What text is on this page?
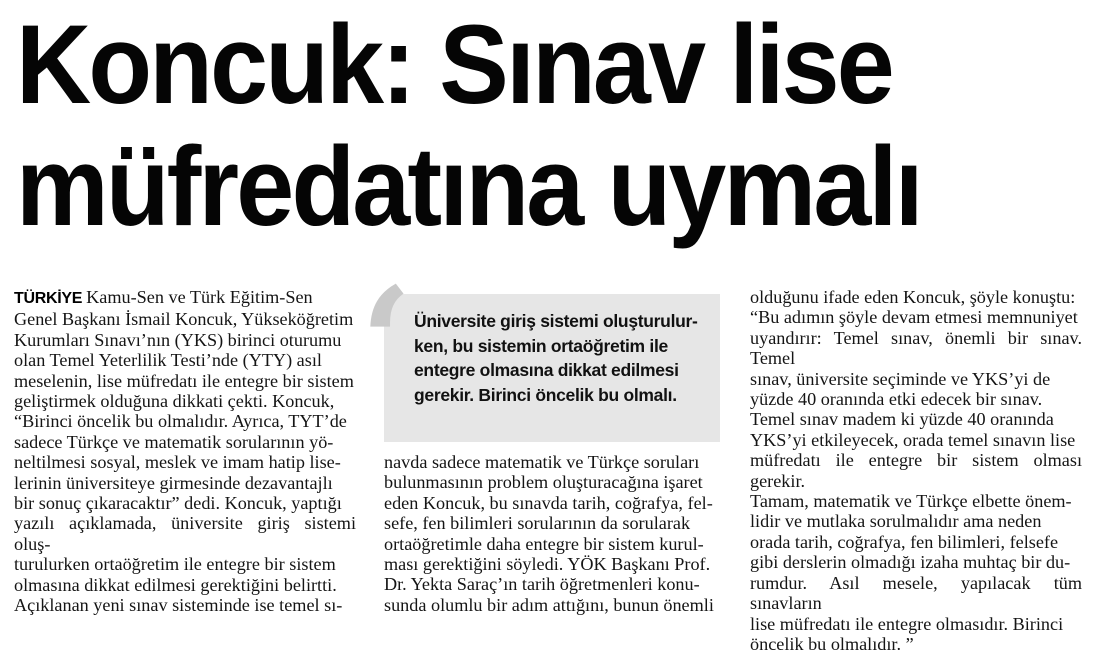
Koncuk: Sınav lise
müfredatına uymalı

TÜRKİYE Kamu-Sen ve Türk Eğitim-Sen

Genel Başkanı İsmail Koncuk, Yükseköğretim

Kurumları Sınavı’nın (YKS) birinci oturumu

olan Temel Yeterlilik Testi’nde (YTY) asıl

meselenin, lise müfredatı ile entegre bir sistem

geliştirmek olduğuna dikkati çekti. Koncuk,

“Birinci öncelik bu olmalıdır. Ayrıca, TYT’de

sadece Türkçe ve matematik sorularının yö-

neltilmesi sosyal, meslek ve imam hatip lise-

lerinin üniversiteye girmesinde dezavantajlı

bir sonuç çıkaracaktır” dedi. Koncuk, yaptığı

yazılı açıklamada, üniversite giriş sistemi oluş-

turulurken ortaöğretim ile entegre bir sistem

olmasına dikkat edilmesi gerektiğini belirtti.

Açıklanan yeni sınav sisteminde ise temel sı-

‘ Üniversite giriş sistemi oluşturulur-
ken, bu sistemin ortaöğretim ile
entegre olmasına dikkat edilmesi
gerekir. Birinci öncelik bu olmalı.

navda sadece matematik ve Türkçe soruları

bulunmasının problem oluşturacağına işaret

eden Koncuk, bu sınavda tarih, coğrafya, fel-

sefe, fen bilimleri sorularının da sorularak

ortaöğretimle daha entegre bir sistem kurul-

ması gerektiğini söyledi. YÖK Başkanı Prof.

Dr. Yekta Saraç’ın tarih öğretmenleri konu-

sunda olumlu bir adım attığını, bunun önemli

olduğunu ifade eden Koncuk, şöyle konuştu:

“Bu adımın şöyle devam etmesi memnuniyet

uyandırır: Temel sınav, önemli bir sınav. Temel

sınav, üniversite seçiminde ve YKS’yi de

yüzde 40 oranında etki edecek bir sınav.

Temel sınav madem ki yüzde 40 oranında

YKS’yi etkileyecek, orada temel sınavın lise

müfredatı ile entegre bir sistem olması gerekir.

Tamam, matematik ve Türkçe elbette önem-

lidir ve mutlaka sorulmalıdır ama neden

orada tarih, coğrafya, fen bilimleri, felsefe

gibi derslerin olmadığı izaha muhtaç bir du-

rumdur. Asıl mesele, yapılacak tüm sınavların

lise müfredatı ile entegre olmasıdır. Birinci

öncelik bu olmalıdır. ”
